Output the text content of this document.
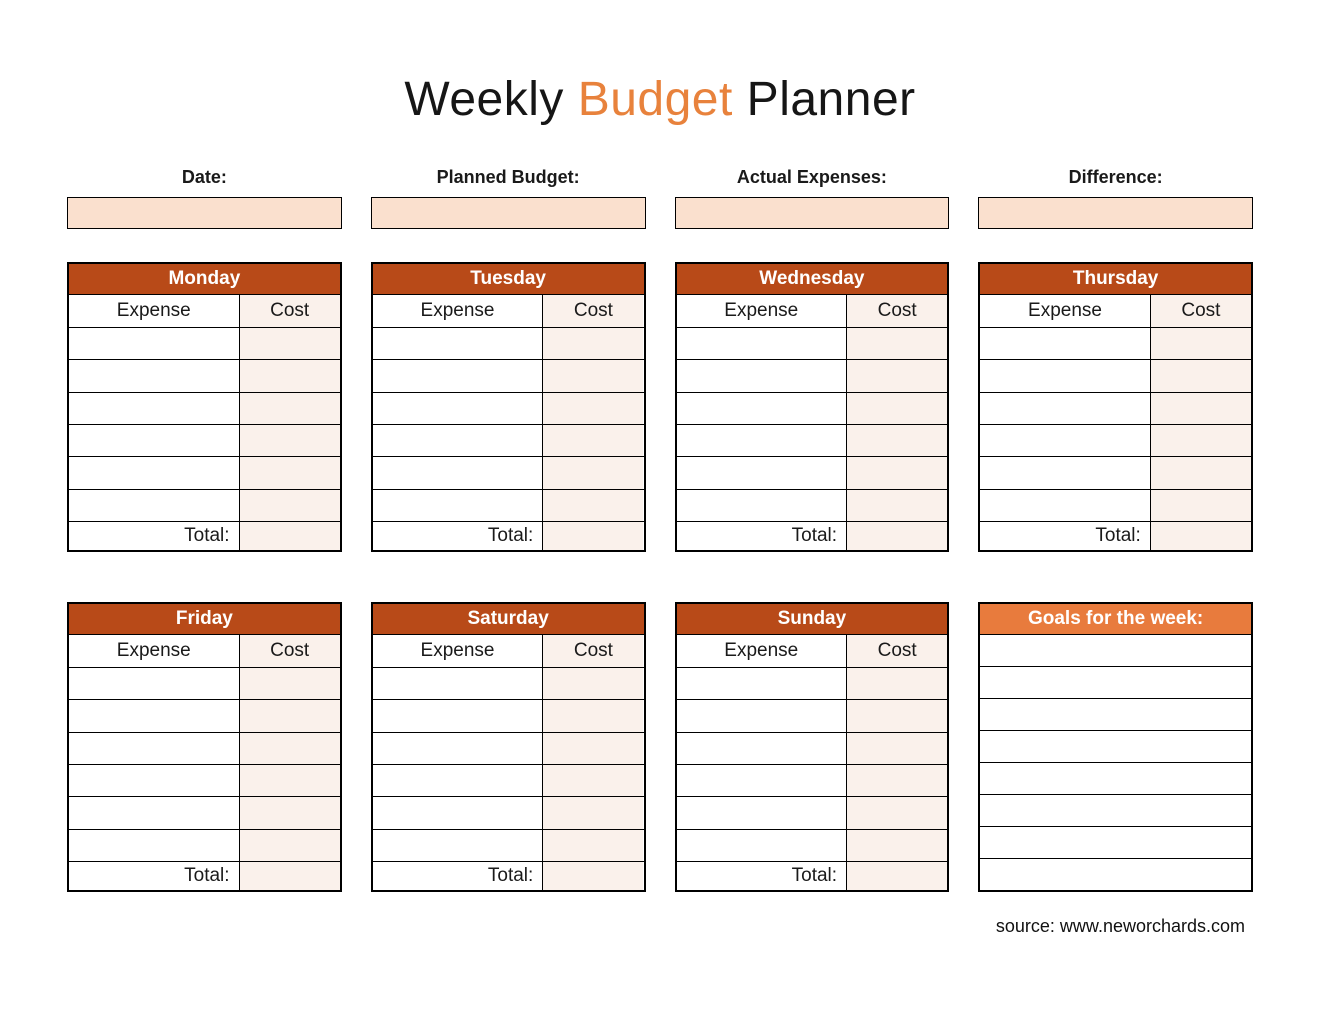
Weekly Budget Planner
Date:	Planned Budget:	Actual Expenses:	Difference:
Monday
Expense	Cost
Total:
Tuesday
Expense	Cost
Total:
Wednesday
Expense	Cost
Total:
Thursday
Expense	Cost
Total:
Friday
Expense	Cost
Total:
Saturday
Expense	Cost
Total:
Sunday
Expense	Cost
Total:
Goals for the week:
source: www.neworchards.com
